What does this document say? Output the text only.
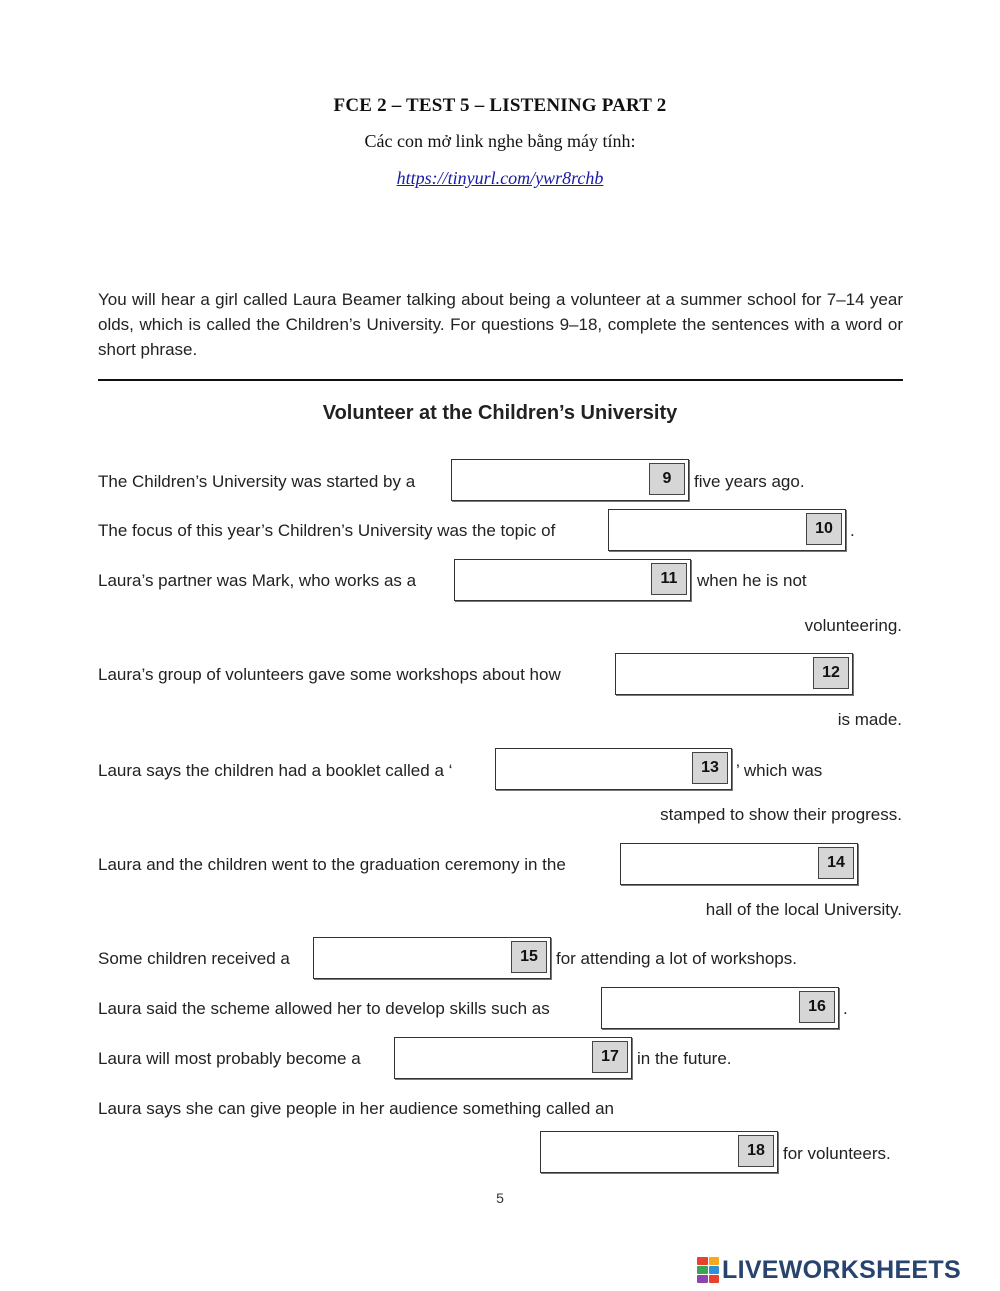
FCE 2 – TEST 5 – LISTENING PART 2
Các con mở link nghe bằng máy tính:
https://tinyurl.com/ywr8rchb
You will hear a girl called Laura Beamer talking about being a volunteer at a summer school for 7–14 year olds, which is called the Children’s University. For questions 9–18, complete the sentences with a word or short phrase.
Volunteer at the Children’s University
The Children’s University was started by a	9	five years ago.
The focus of this year’s Children’s University was the topic of	10	.
Laura’s partner was Mark, who works as a	11	when he is not
volunteering.
Laura’s group of volunteers gave some workshops about how	12
is made.
Laura says the children had a booklet called a ‘	13	’ which was
stamped to show their progress.
Laura and the children went to the graduation ceremony in the	14
hall of the local University.
Some children received a	15	for attending a lot of workshops.
Laura said the scheme allowed her to develop skills such as	16	.
Laura will most probably become a	17	in the future.
Laura says she can give people in her audience something called an
18	for volunteers.
5
LIVEWORKSHEETS
